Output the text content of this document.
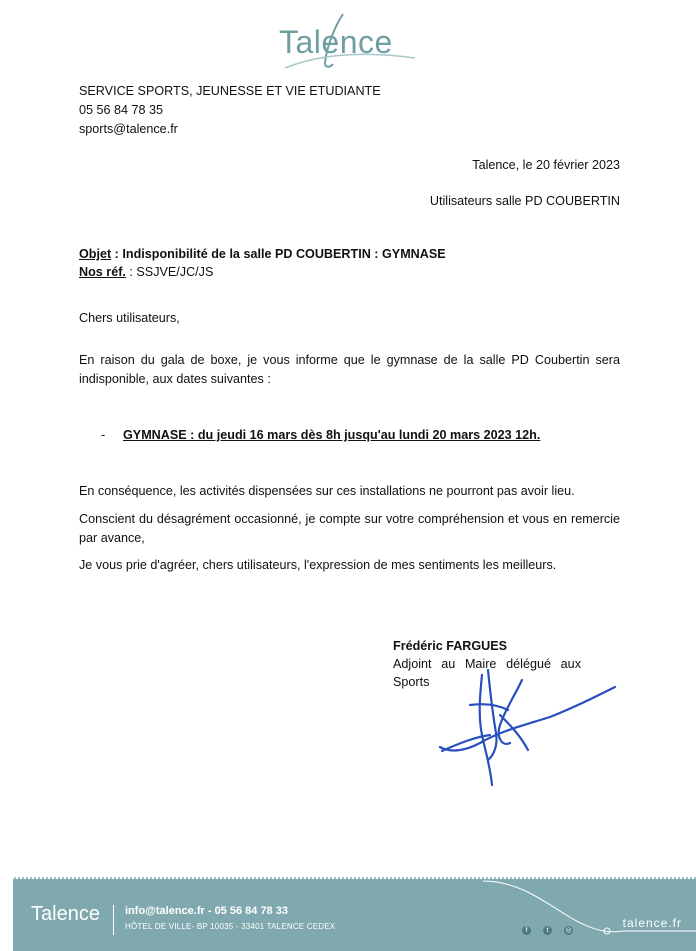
Talence
SERVICE SPORTS, JEUNESSE ET VIE ETUDIANTE
05 56 84 78 35
sports@talence.fr
Talence, le 20 février 2023
Utilisateurs salle PD COUBERTIN
Objet : Indisponibilité de la salle PD COUBERTIN : GYMNASE
Nos réf. : SSJVE/JC/JS
Chers utilisateurs,
En raison du gala de boxe, je vous informe que le gymnase de la salle PD Coubertin sera indisponible, aux dates suivantes :
- GYMNASE : du jeudi 16 mars dès 8h jusqu'au lundi 20 mars 2023 12h.
En conséquence, les activités dispensées sur ces installations ne pourront pas avoir lieu.
Conscient du désagrément occasionné, je compte sur votre compréhension et vous en remercie par avance,
Je vous prie d'agréer, chers utilisateurs, l'expression de mes sentiments les meilleurs.
Frédéric FARGUES
Adjoint au Maire délégué aux Sports
Talence info@talence.fr - 05 56 84 78 33
HÔTEL DE VILLE- BP 10035 - 33401 TALENCE CEDEX	f	t	◎
talence.fr
